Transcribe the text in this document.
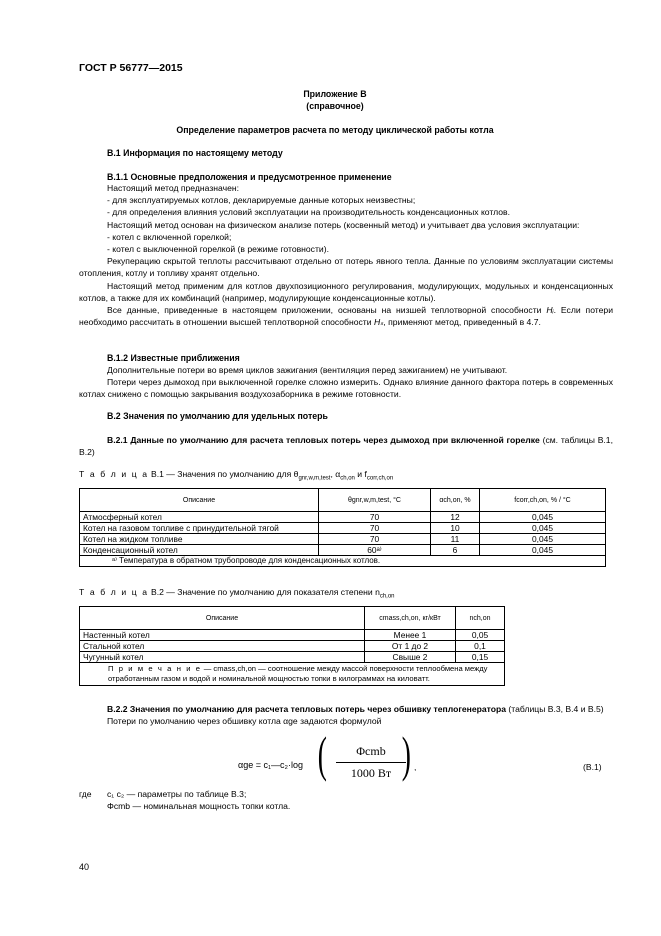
ГОСТ Р 56777—2015
Приложение В
(справочное)
Определение параметров расчета по методу циклической работы котла
В.1 Информация по настоящему методу
В.1.1 Основные предположения и предусмотренное применение

Настоящий метод предназначен:

- для эксплуатируемых котлов, декларируемые данные которых неизвестны;

- для определения влияния условий эксплуатации на производительность конденсационных котлов.

Настоящий метод основан на физическом анализе потерь (косвенный метод) и учитывает два условия эксплуатации:

- котел с включенной горелкой;

- котел с выключенной горелкой (в режиме готовности).

Рекуперацию скрытой теплоты рассчитывают отдельно от потерь явного тепла. Данные по условиям эксплуатации системы отопления, котлу и топливу хранят отдельно.

Настоящий метод применим для котлов двухпозиционного регулирования, модулирующих, модульных и конденсационных котлов, а также для их комбинаций (например, модулирующие конденсационные котлы).

Все данные, приведенные в настоящем приложении, основаны на низшей теплотворной способности Hᵢ. Если потери необходимо рассчитать в отношении высшей теплотворной способности Hₛ, применяют метод, приведенный в 4.7.

В.1.2 Известные приближения

Дополнительные потери во время циклов зажигания (вентиляция перед зажиганием) не учитывают.

Потери через дымоход при выключенной горелке сложно измерить. Однако влияние данного фактора потерь в современных котлах снижено с помощью закрывания воздухозаборника в режиме готовности.

В.2 Значения по умолчанию для удельных потерь

В.2.1 Данные по умолчанию для расчета тепловых потерь через дымоход при включенной горелке (см. таблицы В.1, В.2)

Т а б л и ц а В.1 — Значения по умолчанию для $\theta_{gnr,w,m,test}$, $\alpha_{ch,on}$ и $f_{corr,ch,on}$
Описание	θgnr,w,m,test, °C	αch,on, %	fcorr,ch,on, % / °C
Атмосферный котел	70	12	0,045
Котел на газовом топливе с принудительной тягой	70	10	0,045
Котел на жидком топливе	70	11	0,045
Конденсационный котел	60ᵃ⁾	6	0,045
ᵃ⁾ Температура в обратном трубопроводе для конденсационных котлов.			
Т а б л и ц а В.2 — Значение по умолчанию для показателя степени $n_{ch,on}$
Описание	cmass,ch,on, кг/кВт	nch,on
Настенный котел	Менее 1	0,05
Стальной котел	От 1 до 2	0,1
Чугунный котел	Свыше 2	0,15
П р и м е ч а н и е — cmass,ch,on — соотношение между массой поверхности теплообмена между отработанным газом и водой и номинальной мощностью топки в килограммах на киловатт.		

В.2.2 Значения по умолчанию для расчета тепловых потерь через обшивку теплогенератора (таблицы В.3, В.4 и В.5)

Потери по умолчанию через обшивку котла αge задаются формулой

αge = c₁—c₂·log (	Φcmb
1000 Вт ) ,	(В.1)
где c₁ c₂ — параметры по таблице В.3;
Φcmb — номинальная мощность топки котла.
40
